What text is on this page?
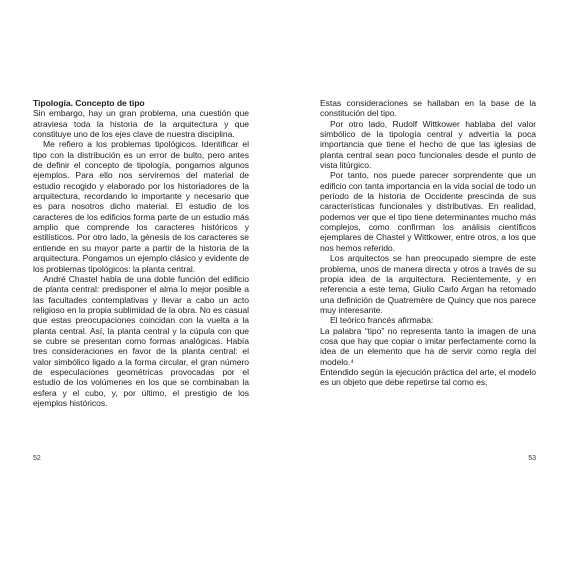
Tipología. Concepto de tipo

Sin embargo, hay un gran problema, una cuestión que atraviesa toda la historia de la arquitectura y que constituye uno de los ejes clave de nuestra disciplina.

Me refiero a los problemas tipológicos. Identificar el tipo con la distribución es un error de bulto, pero antes de definir el concepto de tipología, pongamos algunos ejemplos. Para ello nos serviremos del material de estudio recogido y elaborado por los historiadores de la arquitectura, recordando lo importante y necesario que es para nosotros dicho material. El estudio de los caracteres de los edificios forma parte de un estudio más amplio que comprende los caracteres históricos y estilísticos. Por otro lado, la génesis de los caracteres se entiende en su mayor parte a partir de la historia de la arquitectura. Pongamos un ejemplo clásico y evidente de los problemas tipológicos: la planta central.

André Chastel habla de una doble función del edificio de planta central: predisponer el alma lo mejor posible a las facultades contemplativas y llevar a cabo un acto religioso en la propia sublimidad de la obra. No es casual que estas preocupaciones coincidan con la vuelta a la planta central. Así, la planta central y la cúpula con que se cubre se presentan como formas analógicas. Había tres consideraciones en favor de la planta central: el valor simbólico ligado a la forma circular, el gran número de especulaciones geométricas provocadas por el estudio de los volúmenes en los que se combinaban la esfera y el cubo, y, por último, el prestigio de los ejemplos históricos.

52

Estas consideraciones se hallaban en la base de la constitución del tipo.

Por otro lado, Rudolf Wittkower hablaba del valor simbólico de la tipología central y advertía la poca importancia que tiene el hecho de que las iglesias de planta central sean poco funcionales desde el punto de vista litúrgico.

Por tanto, nos puede parecer sorprendente que un edificio con tanta importancia en la vida social de todo un período de la historia de Occidente prescinda de sus características funcionales y distributivas. En realidad, podemos ver que el tipo tiene determinantes mucho más complejos, como confirman los análisis científicos ejemplares de Chastel y Wittkower, entre otros, a los que nos hemos referido.

Los arquitectos se han preocupado siempre de este problema, unos de manera directa y otros a través de su propia idea de la arquitectura. Recientemente, y en referencia a este tema, Giulio Carlo Argan ha retomado una definición de Quatremère de Quincy que nos parece muy interesante.

El teórico francés afirmaba:

La palabra “tipo” no representa tanto la imagen de una cosa que hay que copiar o imitar perfectamente como la idea de un elemento que ha de servir como regla del modelo.⁴

Entendido según la ejecución práctica del arte, el modelo es un objeto que debe repetirse tal como es,

53
